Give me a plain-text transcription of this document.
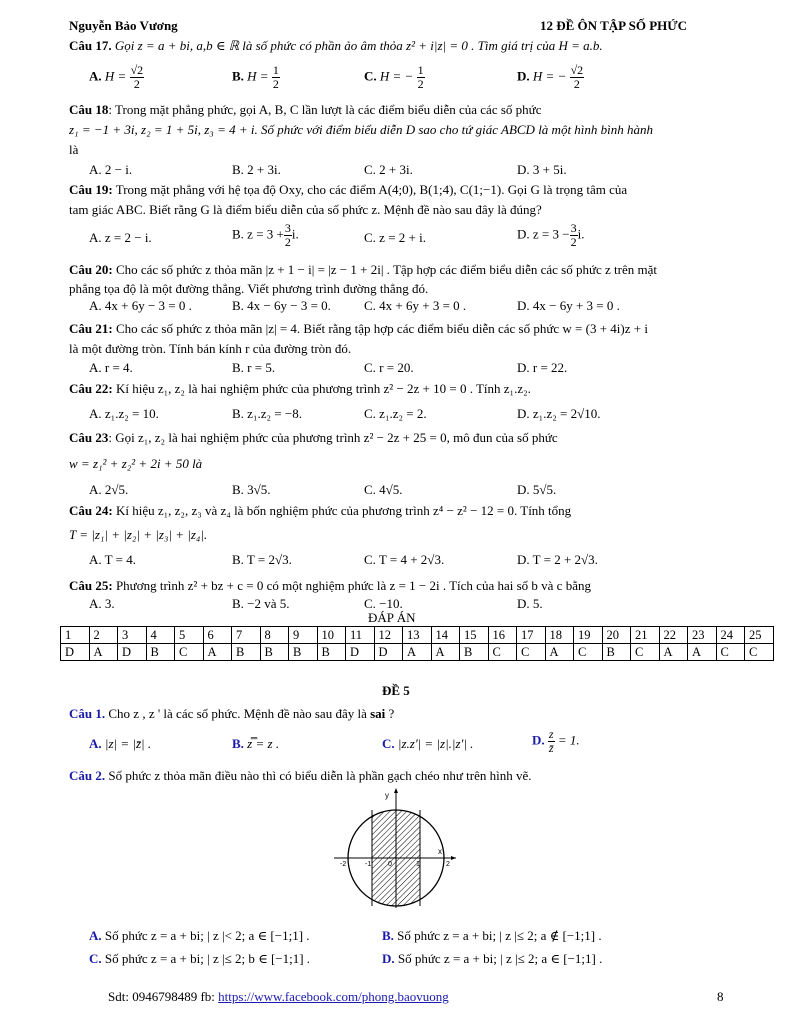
Nguyễn Bảo Vương	12 ĐỀ ÔN TẬP SỐ PHỨC
Câu 17. Gọi z = a + bi, a,b ∈ ℝ là số phức có phần ảo âm thỏa z² + i|z| = 0 . Tìm giá trị của H = a.b.
A. $H = \frac{√2}{2}$	B. $H = \frac{1}{2}$	C. H = − $\frac{1}{2}$	D. H = − $\frac{√2}{2}$
Câu 18: Trong mặt phẳng phức, gọi A, B, C lần lượt là các điểm biểu diễn của các số phức
z₁ = −1 + 3i, z₂ = 1 + 5i, z₃ = 4 + i. Số phức với điểm biểu diễn D sao cho tứ giác ABCD là một hình bình hành
là
A. 2 − i.	B. 2 + 3i.	C. 2 + 3i.	D. 3 + 5i.
Câu 19: Trong mặt phẳng với hệ tọa độ Oxy, cho các điểm A(4;0), B(1;4), C(1;−1). Gọi G là trọng tâm của
tam giác ABC. Biết rằng G là điểm biểu diễn của số phức z. Mệnh đề nào sau đây là đúng?
A. z = 2 − i.	B. $z = 3 + \frac{3}{2} i$.	C. z = 2 + i.	D. $z = 3 - \frac{3}{2} i$.
Câu 20: Cho các số phức z thỏa mãn |z + 1 − i| = |z − 1 + 2i| . Tập hợp các điểm biểu diễn các số phức z trên mặt
phẳng tọa độ là một đường thẳng. Viết phương trình đường thẳng đó.
A. 4x + 6y − 3 = 0 .	B. 4x − 6y − 3 = 0.	C. 4x + 6y + 3 = 0 .	D. 4x − 6y + 3 = 0 .
Câu 21: Cho các số phức z thỏa mãn |z| = 4. Biết rằng tập hợp các điểm biểu diễn các số phức w = (3 + 4i)z + i
là một đường tròn. Tính bán kính r của đường tròn đó.
A. r = 4.	B. r = 5.	C. r = 20.	D. r = 22.
Câu 22: Kí hiệu z₁, z₂ là hai nghiệm phức của phương trình z² − 2z + 10 = 0 . Tính z₁.z₂.
A. z₁.z₂ = 10.	B. z₁.z₂ = −8.	C. z₁.z₂ = 2.	D. z₁.z₂ = 2√10.
Câu 23: Gọi z₁, z₂ là hai nghiệm phức của phương trình z² − 2z + 25 = 0, mô đun của số phức
w = z₁² + z₂² + 2i + 50 là
A. 2√5.	B. 3√5.	C. 4√5.	D. 5√5.
Câu 24: Kí hiệu z₁, z₂, z₃ và z₄ là bốn nghiệm phức của phương trình z⁴ − z² − 12 = 0. Tính tổng
T = |z₁| + |z₂| + |z₃| + |z₄|.
A. T = 4.	B. T = 2√3.	C. T = 4 + 2√3.	D. T = 2 + 2√3.
Câu 25: Phương trình z² + bz + c = 0 có một nghiệm phức là z = 1 − 2i . Tích của hai số b và c bằng
A. 3.	B. −2 và 5.	C. −10.	D. 5.
ĐÁP ÁN
1	2	3	4	5	6	7	8	9	10	11	12	13	14	15	16	17	18	19	20	21	22	23	24	25
D	A	D	B	C	A	B	B	B	B	D	D	A	A	B	C	C	A	C	B	C	A	A	C	C
ĐỀ 5
Câu 1. Cho z , z ' là các số phức. Mệnh đề nào sau đây là sai ?
A. |z| = |z̄| .	B. z̿ = z .	C. |z.z'| = |z|.|z'| .	D. $\frac{z}{z̄} = 1$.
Câu 2. Số phức z thỏa mãn điều nào thì có biểu diễn là phần gạch chéo như trên hình vẽ.
y
x
-2	-1 0	1	2
A. Số phức z = a + bi; | z |< 2; a ∈ [−1;1] .	B. Số phức z = a + bi; | z |≤ 2; a ∉ [−1;1] .
C. Số phức z = a + bi; | z |≤ 2; b ∈ [−1;1] .	D. Số phức z = a + bi; | z |≤ 2; a ∈ [−1;1] .
Sdt: 0946798489 fb: https://www.facebook.com/phong.baovuong	8
